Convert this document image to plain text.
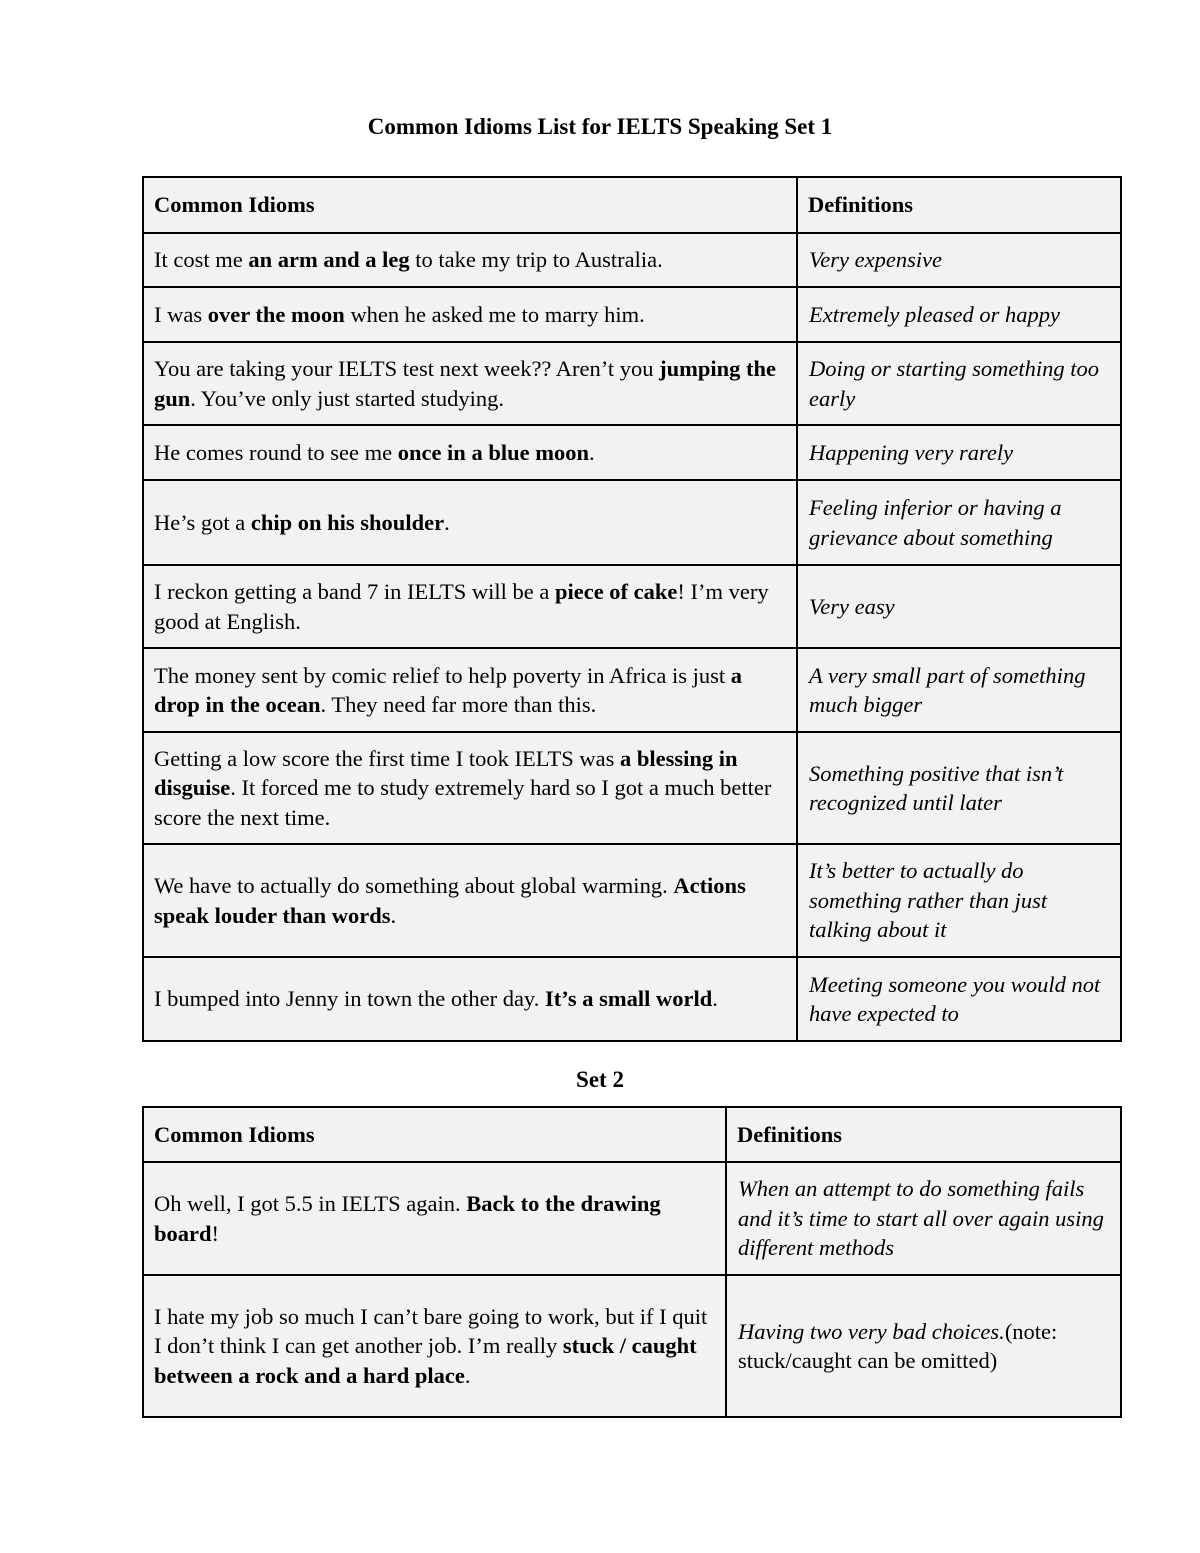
Common Idioms List for IELTS Speaking Set 1
Common Idioms	Definitions
It cost me an arm and a leg to take my trip to Australia.	Very expensive
I was over the moon when he asked me to marry him.	Extremely pleased or happy
You are taking your IELTS test next week?? Aren’t you jumping the gun. You’ve only just started studying.	Doing or starting something too early
He comes round to see me once in a blue moon.	Happening very rarely
He’s got a chip on his shoulder.	Feeling inferior or having a grievance about something
I reckon getting a band 7 in IELTS will be a piece of cake! I’m very good at English.	Very easy
The money sent by comic relief to help poverty in Africa is just a drop in the ocean. They need far more than this.	A very small part of something much bigger
Getting a low score the first time I took IELTS was a blessing in disguise. It forced me to study extremely hard so I got a much better score the next time.	Something positive that isn’t recognized until later
We have to actually do something about global warming. Actions speak louder than words.	It’s better to actually do something rather than just talking about it
I bumped into Jenny in town the other day. It’s a small world.	Meeting someone you would not have expected to
Set 2
Common Idioms	Definitions
Oh well, I got 5.5 in IELTS again. Back to the drawing board!	When an attempt to do something fails and it’s time to start all over again using different methods
I hate my job so much I can’t bare going to work, but if I quit I don’t think I can get another job. I’m really stuck / caught between a rock and a hard place.	Having two very bad choices.(note: stuck/caught can be omitted)
